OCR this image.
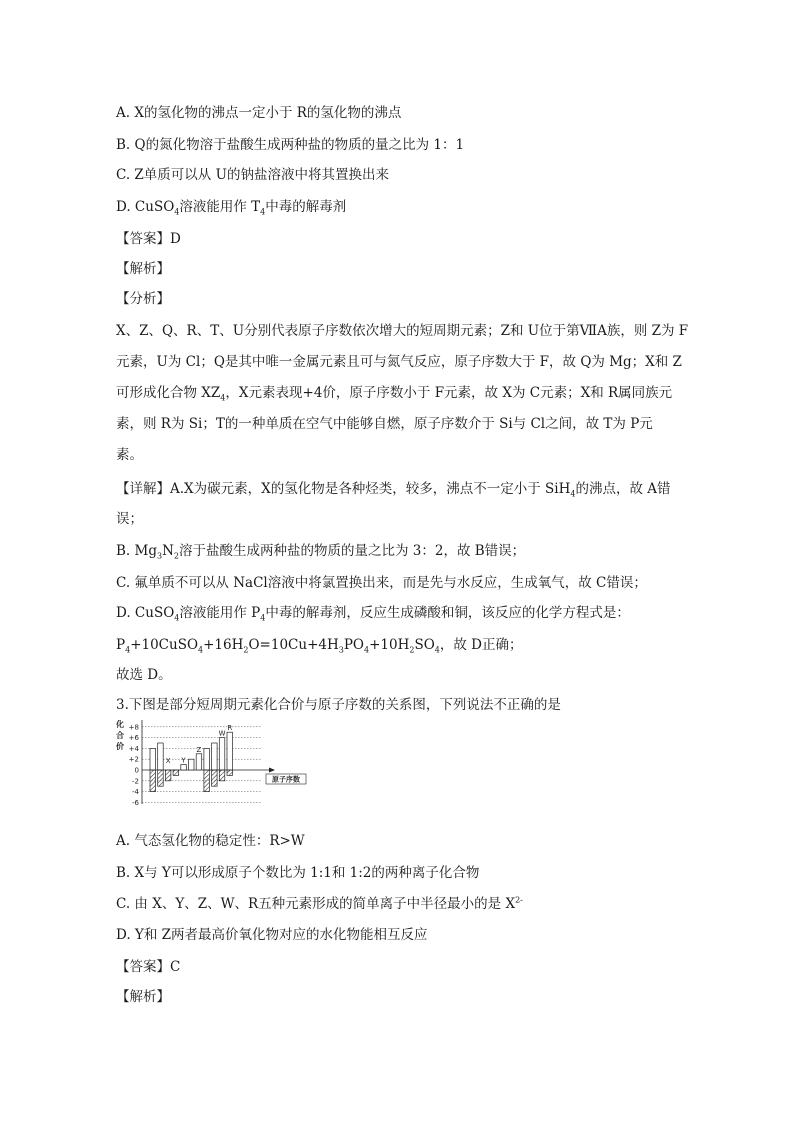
A. X的氢化物的沸点一定小于 R的氢化物的沸点
B. Q的氮化物溶于盐酸生成两种盐的物质的量之比为 1：1
C. Z单质可以从 U的钠盐溶液中将其置换出来
D. CuSO$_4$溶液能用作 $T_4$中毒的解毒剂
【答案】D
【解析】
【分析】
X、Z、Q、R、T、U分别代表原子序数依次增大的短周期元素；Z和 U位于第ⅦA族，则 Z为 F
元素，U为 Cl；Q是其中唯一金属元素且可与氮气反应，原子序数大于 F，故 Q为 Mg；X和 Z
可形成化合物 $XZ_4$，X元素表现+4价，原子序数小于 F元素，故 X为 C元素；X和 R属同族元
素，则 R为 Si；T的一种单质在空气中能够自燃，原子序数介于 Si与 Cl之间，故 T为 P元
素。
【详解】A.X为碳元素，X的氢化物是各种烃类，较多，沸点不一定小于 SiH$_4$的沸点，故 A错
误；
B. $Mg_3N_2$溶于盐酸生成两种盐的物质的量之比为 3：2，故 B错误；
C. 氟单质不可以从 NaCl溶液中将氯置换出来，而是先与水反应，生成氧气，故 C错误；
D. CuSO$_4$溶液能用作 $P_4$中毒的解毒剂，反应生成磷酸和铜，该反应的化学方程式是：
$P_4+10CuSO_4+16H_2O=10Cu+4H_3PO_4+10H_2SO_4$，故 D正确；
故选 D。
3.下图是部分短周期元素化合价与原子序数的关系图，下列说法不正确的是
化
合
价
+8
+6
+4
+2
0
-2
-4
-6
X Y
Z
W
R
原子序数
A. 气态氢化物的稳定性：R>W
B. X与 Y可以形成原子个数比为 1:1和 1:2的两种离子化合物
C. 由 X、Y、Z、W、R五种元素形成的简单离子中半径最小的是 $X^{2-}$
D. Y和 Z两者最高价氧化物对应的水化物能相互反应
【答案】C
【解析】
